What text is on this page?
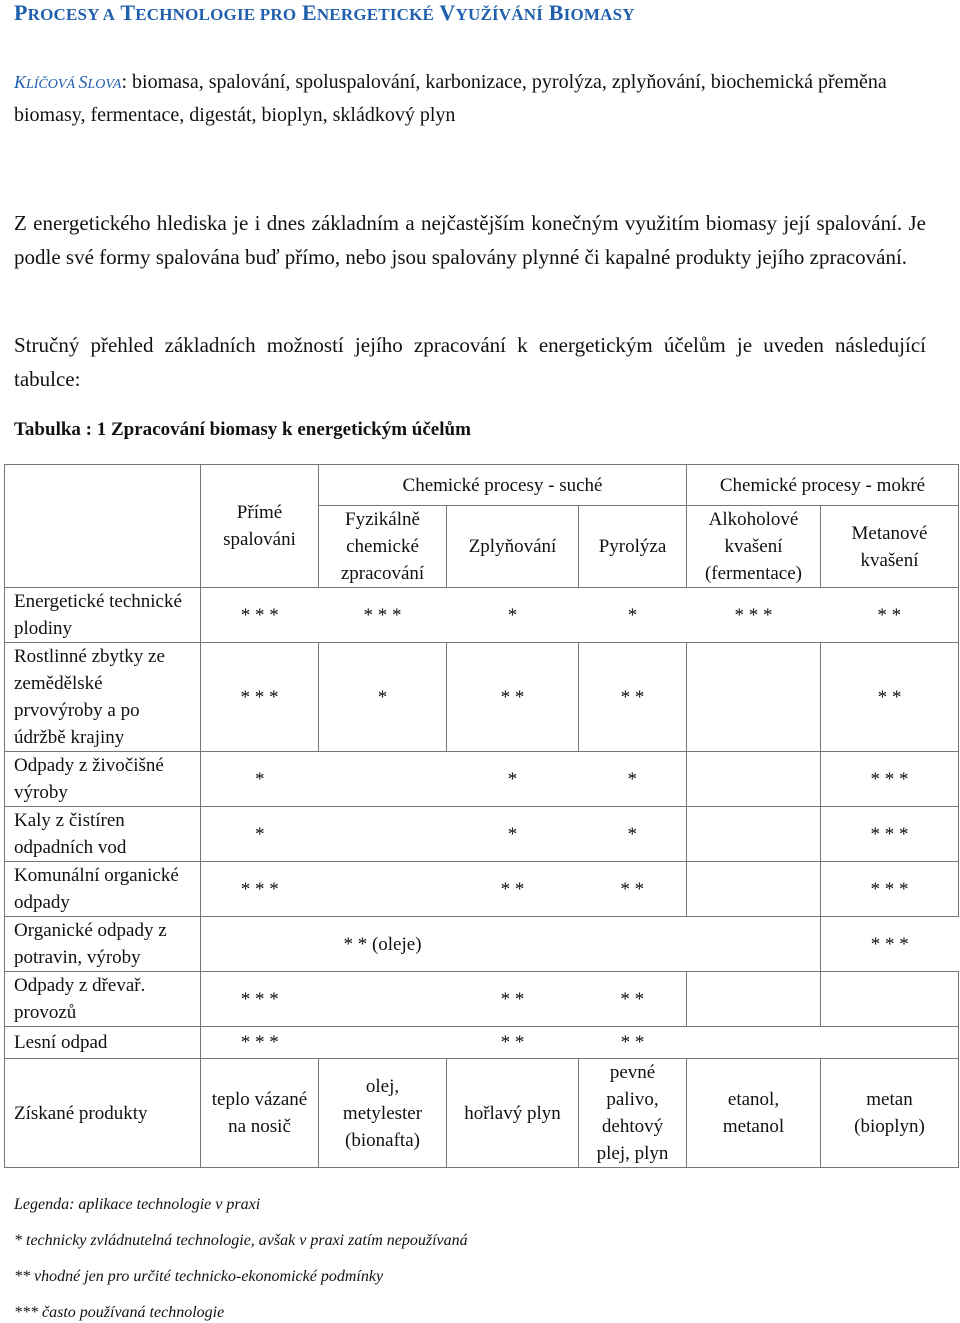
PROCESY A TECHNOLOGIE PRO ENERGETICKÉ VYUŽÍVÁNÍ BIOMASY
KLÍČOVÁ SLOVA: biomasa, spalování, spoluspalování, karbonizace, pyrolýza, zplyňování, biochemická přeměna biomasy, fermentace, digestát, bioplyn, skládkový plyn
Z energetického hlediska je i dnes základním a nejčastějším konečným využitím biomasy její spalování. Je podle své formy spalována buď přímo, nebo jsou spalovány plynné či kapalné produkty jejího zpracování.
Stručný přehled základních možností jejího zpracování k energetickým účelům je uveden následující tabulce:
Tabulka : 1 Zpracování biomasy k energetickým účelům
	Přímé spalováni	Chemické procesy - suché			Chemické procesy - mokré	
		Fyzikálně chemické zpracování	Zplyňování	Pyrolýza	Alkoholové kvašení (fermentace)	Metanové kvašení
Energetické technické plodiny	* * *	* * *	*	*	* * *	* *
Rostlinné zbytky ze zemědělské prvovýroby a po údržbě krajiny	* * *	*	* *	* *		* *
Odpady z živočišné výroby	*		*	*		* * *
Kaly z čistíren odpadních vod	*		*	*		* * *
Komunální organické odpady	* * *		* *	* *		* * *
Organické odpady z potravin, výroby		* * (oleje)				* * *
Odpady z dřevař. provozů	* * *		* *	* *		
Lesní odpad	* * *		* *	* *		
Získané produkty	teplo vázané na nosič	olej, metylester (bionafta)	hořlavý plyn	pevné palivo, dehtový plej, plyn	etanol, metanol	metan (bioplyn)
Legenda: aplikace technologie v praxi
* technicky zvládnutelná technologie, avšak v praxi zatím nepoužívaná
** vhodné jen pro určité technicko-ekonomické podmínky
*** často používaná technologie
